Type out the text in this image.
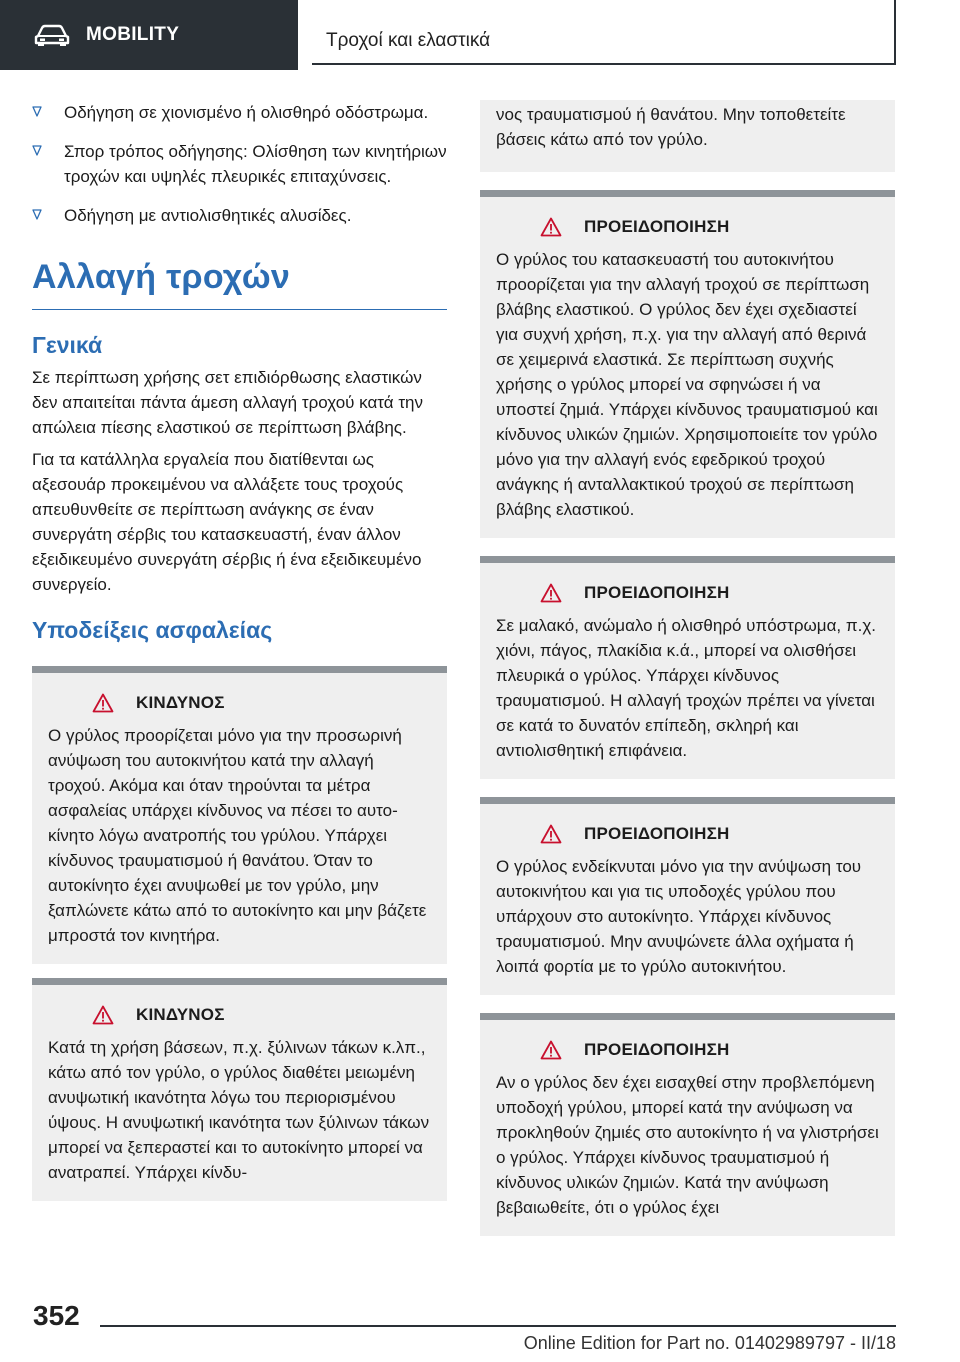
MOBILITY	Τροχοί και ελαστικά
Οδήγηση σε χιονισμένο ή ολισθηρό οδόστρωμα.
Σπορ τρόπος οδήγησης: Ολίσθηση των κινητήριων τροχών και υψηλές πλευρικές επιταχύνσεις.
Οδήγηση με αντιολισθητικές αλυσίδες.
Αλλαγή τροχών
Γενικά

Σε περίπτωση χρήσης σετ επιδιόρθωσης ελαστικών δεν απαιτείται πάντα άμεση αλλαγή τροχού κατά την απώλεια πίεσης ελαστικού σε περίπτωση βλάβης.

Για τα κατάλληλα εργαλεία που διατίθενται ως αξεσουάρ προκειμένου να αλλάξετε τους τροχούς απευθυνθείτε σε περίπτωση ανάγκης σε έναν συνεργάτη σέρβις του κατασκευαστή, έναν άλλον εξειδικευμένο συνεργάτη σέρβις ή ένα εξειδικευμένο συνεργείο.

Υποδείξεις ασφαλείας
ΚΙΝΔΥΝΟΣ
Ο γρύλος προορίζεται μόνο για την προσωρινή ανύψωση του αυτοκινήτου κατά την αλλαγή τροχού. Ακόμα και όταν τηρούνται τα μέτρα ασφαλείας υπάρχει κίνδυνος να πέσει το αυτοκίνητο λόγω ανατροπής του γρύλου. Υπάρχει κίνδυνος τραυματισμού ή θανάτου. Όταν το αυτοκίνητο έχει ανυψωθεί με τον γρύλο, μην ξαπλώνετε κάτω από το αυτοκίνητο και μην βάζετε μπροστά τον κινητήρα.
ΚΙΝΔΥΝΟΣ
Κατά τη χρήση βάσεων, π.χ. ξύλινων τάκων κ.λπ., κάτω από τον γρύλο, ο γρύλος διαθέτει μειωμένη ανυψωτική ικανότητα λόγω του περιορισμένου ύψους. Η ανυψωτική ικανότητα των ξύλινων τάκων μπορεί να ξεπεραστεί και το αυτοκίνητο μπορεί να ανατραπεί. Υπάρχει κίνδυ-
νος τραυματισμού ή θανάτου. Μην τοποθετείτε βάσεις κάτω από τον γρύλο.
ΠΡΟΕΙΔΟΠΟΙΗΣΗ
Ο γρύλος του κατασκευαστή του αυτοκινήτου προορίζεται για την αλλαγή τροχού σε περίπτωση βλάβης ελαστικού. Ο γρύλος δεν έχει σχεδιαστεί για συχνή χρήση, π.χ. για την αλλαγή από θερινά σε χειμερινά ελαστικά. Σε περίπτωση συχνής χρήσης ο γρύλος μπορεί να σφηνώσει ή να υποστεί ζημιά. Υπάρχει κίνδυνος τραυματισμού και κίνδυνος υλικών ζημιών. Χρησιμοποιείτε τον γρύλο μόνο για την αλλαγή ενός εφεδρικού τροχού ανάγκης ή ανταλλακτικού τροχού σε περίπτωση βλάβης ελαστικού.
ΠΡΟΕΙΔΟΠΟΙΗΣΗ
Σε μαλακό, ανώμαλο ή ολισθηρό υπόστρωμα, π.χ. χιόνι, πάγος, πλακίδια κ.ά., μπορεί να ολισθήσει πλευρικά ο γρύλος. Υπάρχει κίνδυνος τραυματισμού. Η αλλαγή τροχών πρέπει να γίνεται σε κατά το δυνατόν επίπεδη, σκληρή και αντιολισθητική επιφάνεια.
ΠΡΟΕΙΔΟΠΟΙΗΣΗ
Ο γρύλος ενδείκνυται μόνο για την ανύψωση του αυτοκινήτου και για τις υποδοχές γρύλου που υπάρχουν στο αυτοκίνητο. Υπάρχει κίνδυνος τραυματισμού. Μην ανυψώνετε άλλα οχήματα ή λοιπά φορτία με το γρύλο αυτοκινήτου.
ΠΡΟΕΙΔΟΠΟΙΗΣΗ
Αν ο γρύλος δεν έχει εισαχθεί στην προβλεπόμενη υποδοχή γρύλου, μπορεί κατά την ανύψωση να προκληθούν ζημιές στο αυτοκίνητο ή να γλιστρήσει ο γρύλος. Υπάρχει κίνδυνος τραυματισμού ή κίνδυνος υλικών ζημιών. Κατά την ανύψωση βεβαιωθείτε, ότι ο γρύλος έχει
352
Online Edition for Part no. 01402989797 - II/18
